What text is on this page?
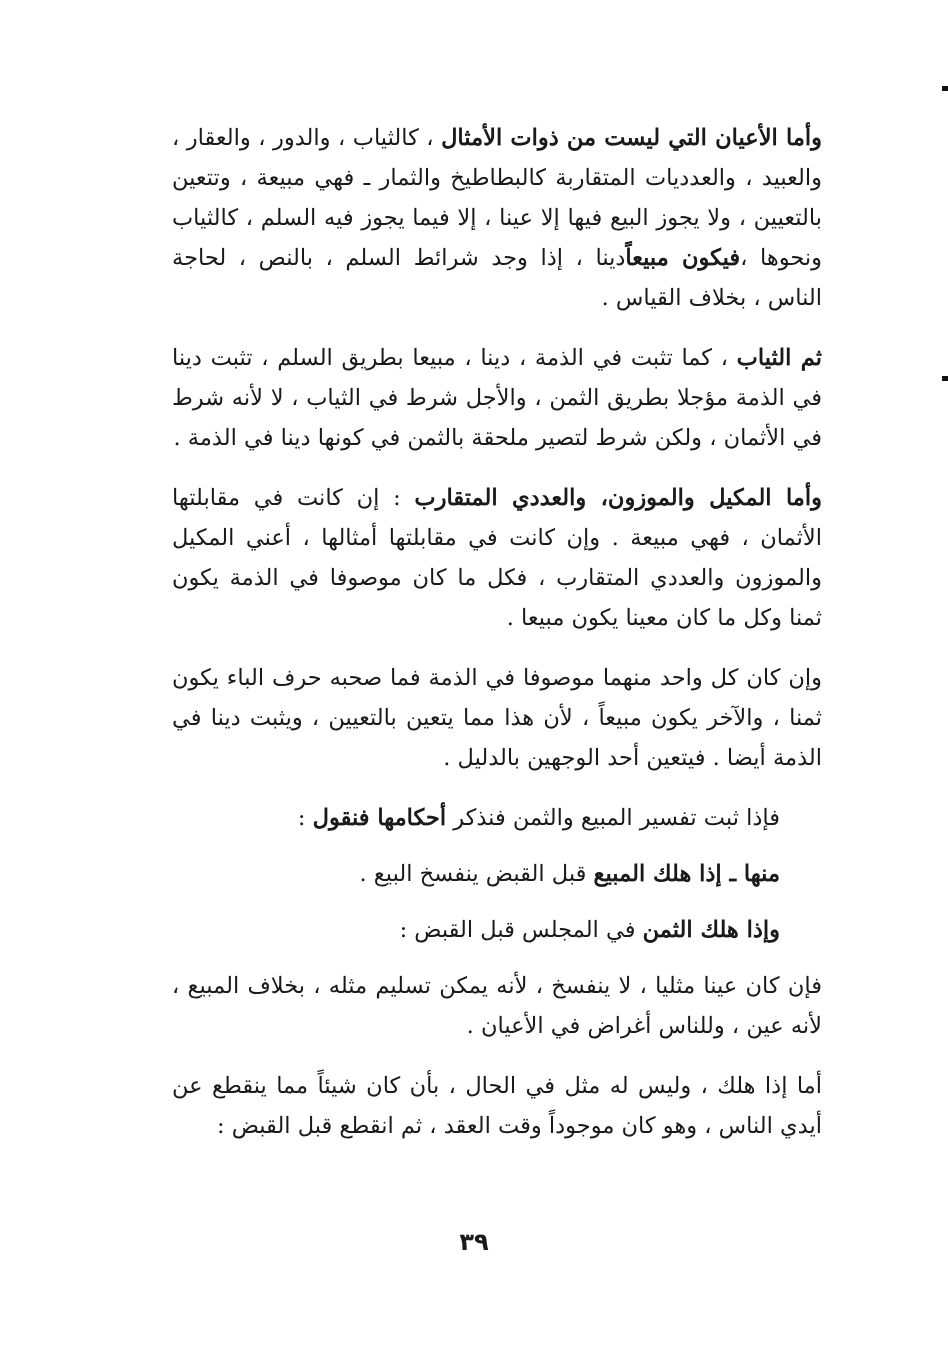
وأما الأعيان التي ليست من ذوات الأمثال ، كالثياب ، والدور ، والعقار ، والعبيد ، والعدديات المتقاربة كالبطاطيخ والثمار ـ فهي مبيعة ، وتتعين بالتعيين ، ولا يجوز البيع فيها إلا عينا ، إلا فيما يجوز فيه السلم ، كالثياب ونحوها ،فيكون مبيعاًدينا ، إذا وجد شرائط السلم ، بالنص ، لحاجة الناس ، بخلاف القياس .

ثم الثياب ، كما تثبت في الذمة ، دينا ، مبيعا بطريق السلم ، تثبت دينا في الذمة مؤجلا بطريق الثمن ، والأجل شرط في الثياب ، لا لأنه شرط في الأثمان ، ولكن شرط لتصير ملحقة بالثمن في كونها دينا في الذمة .

وأما المكيل والموزون، والعددي المتقارب : إن كانت في مقابلتها الأثمان ، فهي مبيعة . وإن كانت في مقابلتها أمثالها ، أعني المكيل والموزون والعددي المتقارب ، فكل ما كان موصوفا في الذمة يكون ثمنا وكل ما كان معينا يكون مبيعا .

وإن كان كل واحد منهما موصوفا في الذمة فما صحبه حرف الباء يكون ثمنا ، والآخر يكون مبيعاً ، لأن هذا مما يتعين بالتعيين ، ويثبت دينا في الذمة أيضا . فيتعين أحد الوجهين بالدليل .

فإذا ثبت تفسير المبيع والثمن فنذكر أحكامها فنقول :

منها ـ إذا هلك المبيع قبل القبض ينفسخ البيع .

وإذا هلك الثمن في المجلس قبل القبض :

فإن كان عينا مثليا ، لا ينفسخ ، لأنه يمكن تسليم مثله ، بخلاف المبيع ، لأنه عين ، وللناس أغراض في الأعيان .

أما إذا هلك ، وليس له مثل في الحال ، بأن كان شيئاً مما ينقطع عن أيدي الناس ، وهو كان موجوداً وقت العقد ، ثم انقطع قبل القبض :

٣٩
